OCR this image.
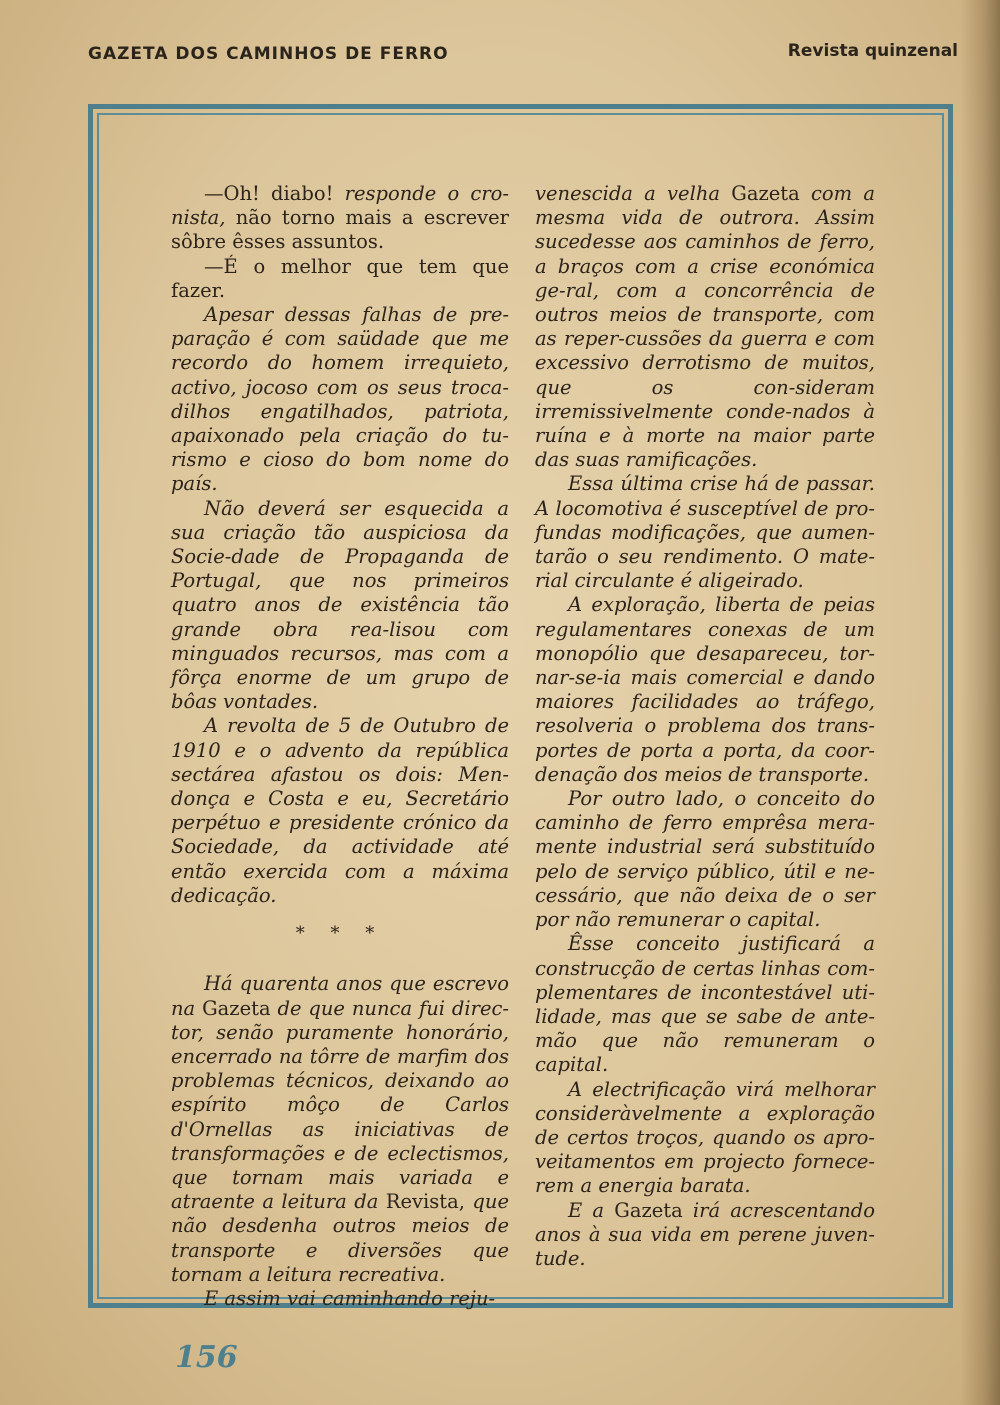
GAZETA DOS CAMINHOS DE FERRO	Revista quinzenal

—Oh! diabo! responde o cro-nista, não torno mais a escrever sôbre êsses assuntos.

—É o melhor que tem que fazer.

Apesar dessas falhas de pre-paração é com saüdade que me recordo do homem irrequieto, activo, jocoso com os seus troca-dilhos engatilhados, patriota, apaixonado pela criação do tu-rismo e cioso do bom nome do país.

Não deverá ser esquecida a sua criação tão auspiciosa da Socie-dade de Propaganda de Portugal, que nos primeiros quatro anos de existência tão grande obra rea-lisou com minguados recursos, mas com a fôrça enorme de um grupo de bôas vontades.

A revolta de 5 de Outubro de 1910 e o advento da república sectárea afastou os dois: Men-donça e Costa e eu, Secretário perpétuo e presidente crónico da Sociedade, da actividade até então exercida com a máxima dedicação.

* * *

Há quarenta anos que escrevo na Gazeta de que nunca fui direc-tor, senão puramente honorário, encerrado na tôrre de marfim dos problemas técnicos, deixando ao espírito môço de Carlos d'Ornellas as iniciativas de transformações e de eclectismos, que tornam mais variada e atraente a leitura da Revista, que não desdenha outros meios de transporte e diversões que tornam a leitura recreativa.

E assim vai caminhando reju-

venescida a velha Gazeta com a mesma vida de outrora. Assim sucedesse aos caminhos de ferro, a braços com a crise económica ge-ral, com a concorrência de outros meios de transporte, com as reper-cussões da guerra e com excessivo derrotismo de muitos, que os con-sideram irremissivelmente conde-nados à ruína e à morte na maior parte das suas ramificações.

Essa última crise há de passar. A locomotiva é susceptível de pro-fundas modificações, que aumen-tarão o seu rendimento. O mate-rial circulante é aligeirado.

A exploração, liberta de peias regulamentares conexas de um monopólio que desapareceu, tor-nar-se-ia mais comercial e dando maiores facilidades ao tráfego, resolveria o problema dos trans-portes de porta a porta, da coor-denação dos meios de transporte.

Por outro lado, o conceito do caminho de ferro emprêsa mera-mente industrial será substituído pelo de serviço público, útil e ne-cessário, que não deixa de o ser por não remunerar o capital.

Êsse conceito justificará a construcção de certas linhas com-plementares de incontestável uti-lidade, mas que se sabe de ante-mão que não remuneram o capital.

A electrificação virá melhorar consideràvelmente a exploração de certos troços, quando os apro-veitamentos em projecto fornece-rem a energia barata.

E a Gazeta irá acrescentando anos à sua vida em perene juven-tude.

156
